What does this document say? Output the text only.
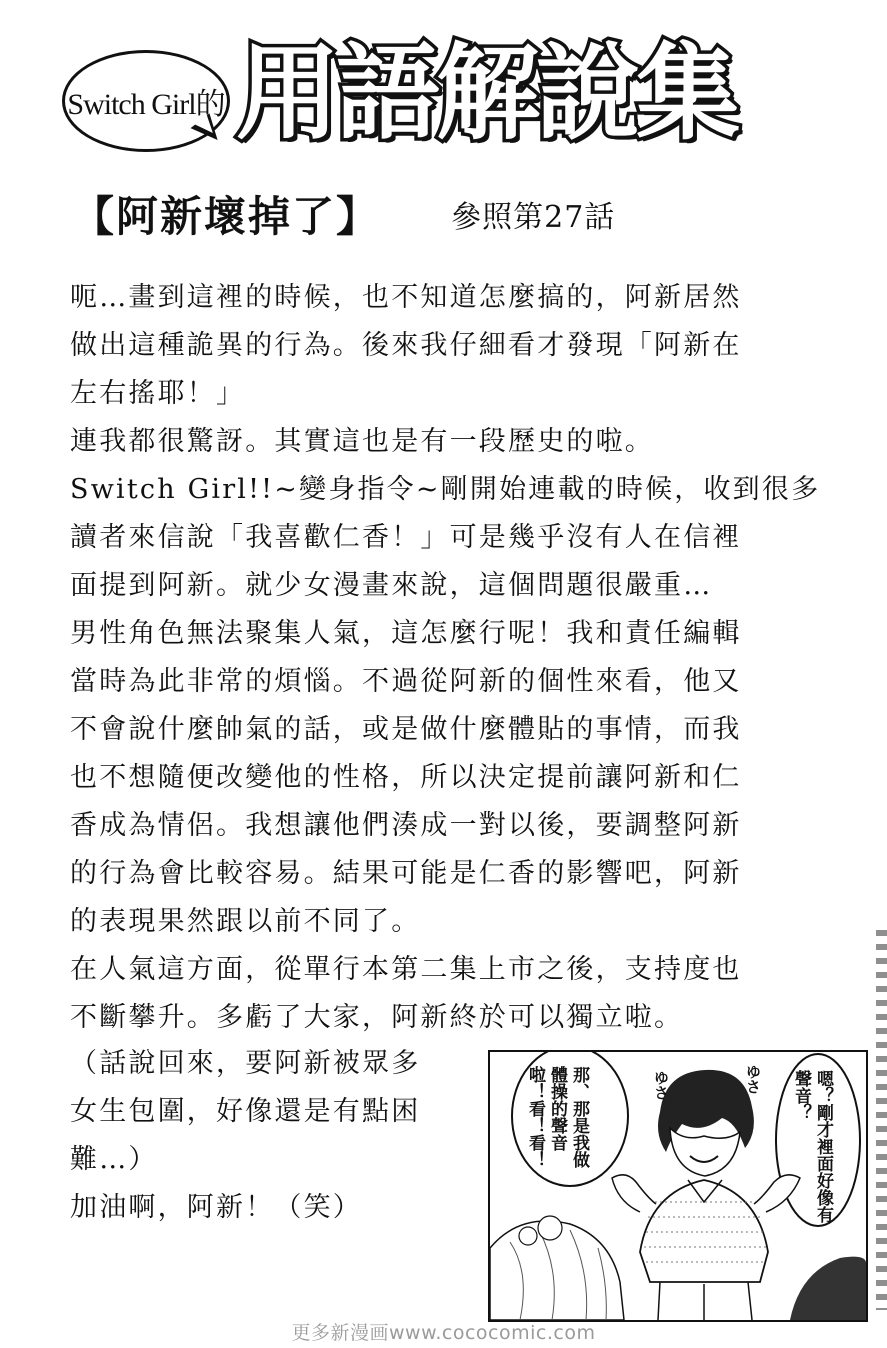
Switch Girl的 用語解說集
【阿新壞掉了】 參照第27話

呃…畫到這裡的時候，也不知道怎麼搞的，阿新居然

做出這種詭異的行為。後來我仔細看才發現「阿新在

左右搖耶！」

連我都很驚訝。其實這也是有一段歷史的啦。

Switch Girl!!~變身指令~剛開始連載的時候，收到很多

讀者來信說「我喜歡仁香！」可是幾乎沒有人在信裡

面提到阿新。就少女漫畫來說，這個問題很嚴重…

男性角色無法聚集人氣，這怎麼行呢！我和責任編輯

當時為此非常的煩惱。不過從阿新的個性來看，他又

不會說什麼帥氣的話，或是做什麼體貼的事情，而我

也不想隨便改變他的性格，所以決定提前讓阿新和仁

香成為情侶。我想讓他們湊成一對以後，要調整阿新

的行為會比較容易。結果可能是仁香的影響吧，阿新

的表現果然跟以前不同了。

在人氣這方面，從單行本第二集上市之後，支持度也

不斷攀升。多虧了大家，阿新終於可以獨立啦。

（話說回來，要阿新被眾多

女生包圍，好像還是有點困

難…）

加油啊，阿新！（笑）	嗯？剛才裡面好像有聲音？
那、那是我做體操的聲音啦！看！看！	ゆさ	ゆさ
更多新漫画www.cococomic.com
